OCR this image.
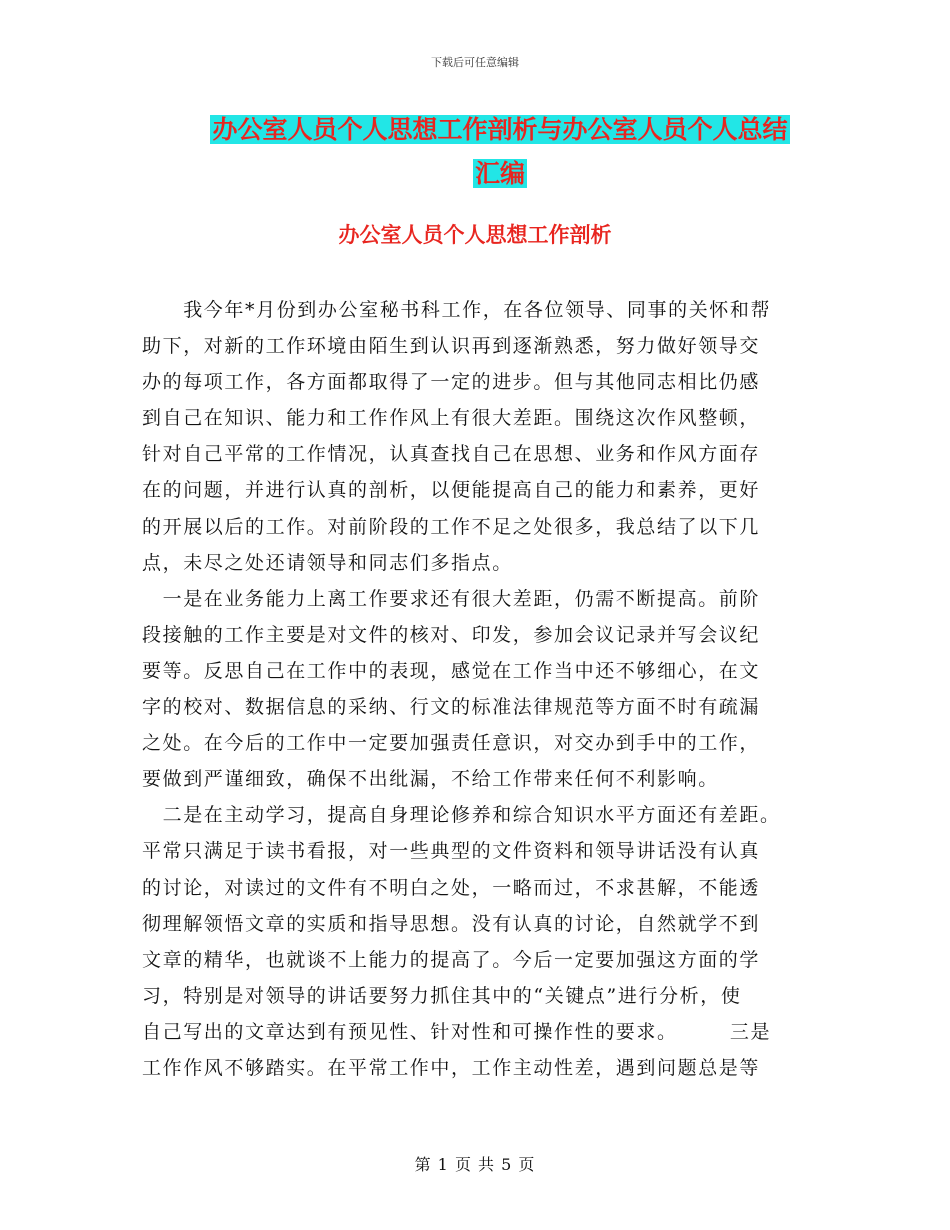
下载后可任意编辑
办公室人员个人思想工作剖析与办公室人员个人总结
汇编
办公室人员个人思想工作剖析
　　我今年*月份到办公室秘书科工作，在各位领导、同事的关怀和帮
助下，对新的工作环境由陌生到认识再到逐渐熟悉，努力做好领导交
办的每项工作，各方面都取得了一定的进步。但与其他同志相比仍感
到自己在知识、能力和工作作风上有很大差距。围绕这次作风整顿，
针对自己平常的工作情况，认真查找自己在思想、业务和作风方面存
在的问题，并进行认真的剖析，以便能提高自己的能力和素养，更好
的开展以后的工作。对前阶段的工作不足之处很多，我总结了以下几
点，未尽之处还请领导和同志们多指点。
　一是在业务能力上离工作要求还有很大差距，仍需不断提高。前阶
段接触的工作主要是对文件的核对、印发，参加会议记录并写会议纪
要等。反思自己在工作中的表现，感觉在工作当中还不够细心，在文
字的校对、数据信息的采纳、行文的标准法律规范等方面不时有疏漏
之处。在今后的工作中一定要加强责任意识，对交办到手中的工作，
要做到严谨细致，确保不出纰漏，不给工作带来任何不利影响。
　二是在主动学习，提高自身理论修养和综合知识水平方面还有差距。
平常只满足于读书看报，对一些典型的文件资料和领导讲话没有认真
的讨论，对读过的文件有不明白之处，一略而过，不求甚解，不能透
彻理解领悟文章的实质和指导思想。没有认真的讨论，自然就学不到
文章的精华，也就谈不上能力的提高了。今后一定要加强这方面的学
习，特别是对领导的讲话要努力抓住其中的“关键点”进行分析，使
自己写出的文章达到有预见性、针对性和可操作性的要求。　　　三是
工作作风不够踏实。在平常工作中，工作主动性差，遇到问题总是等
第 1 页 共 5 页
